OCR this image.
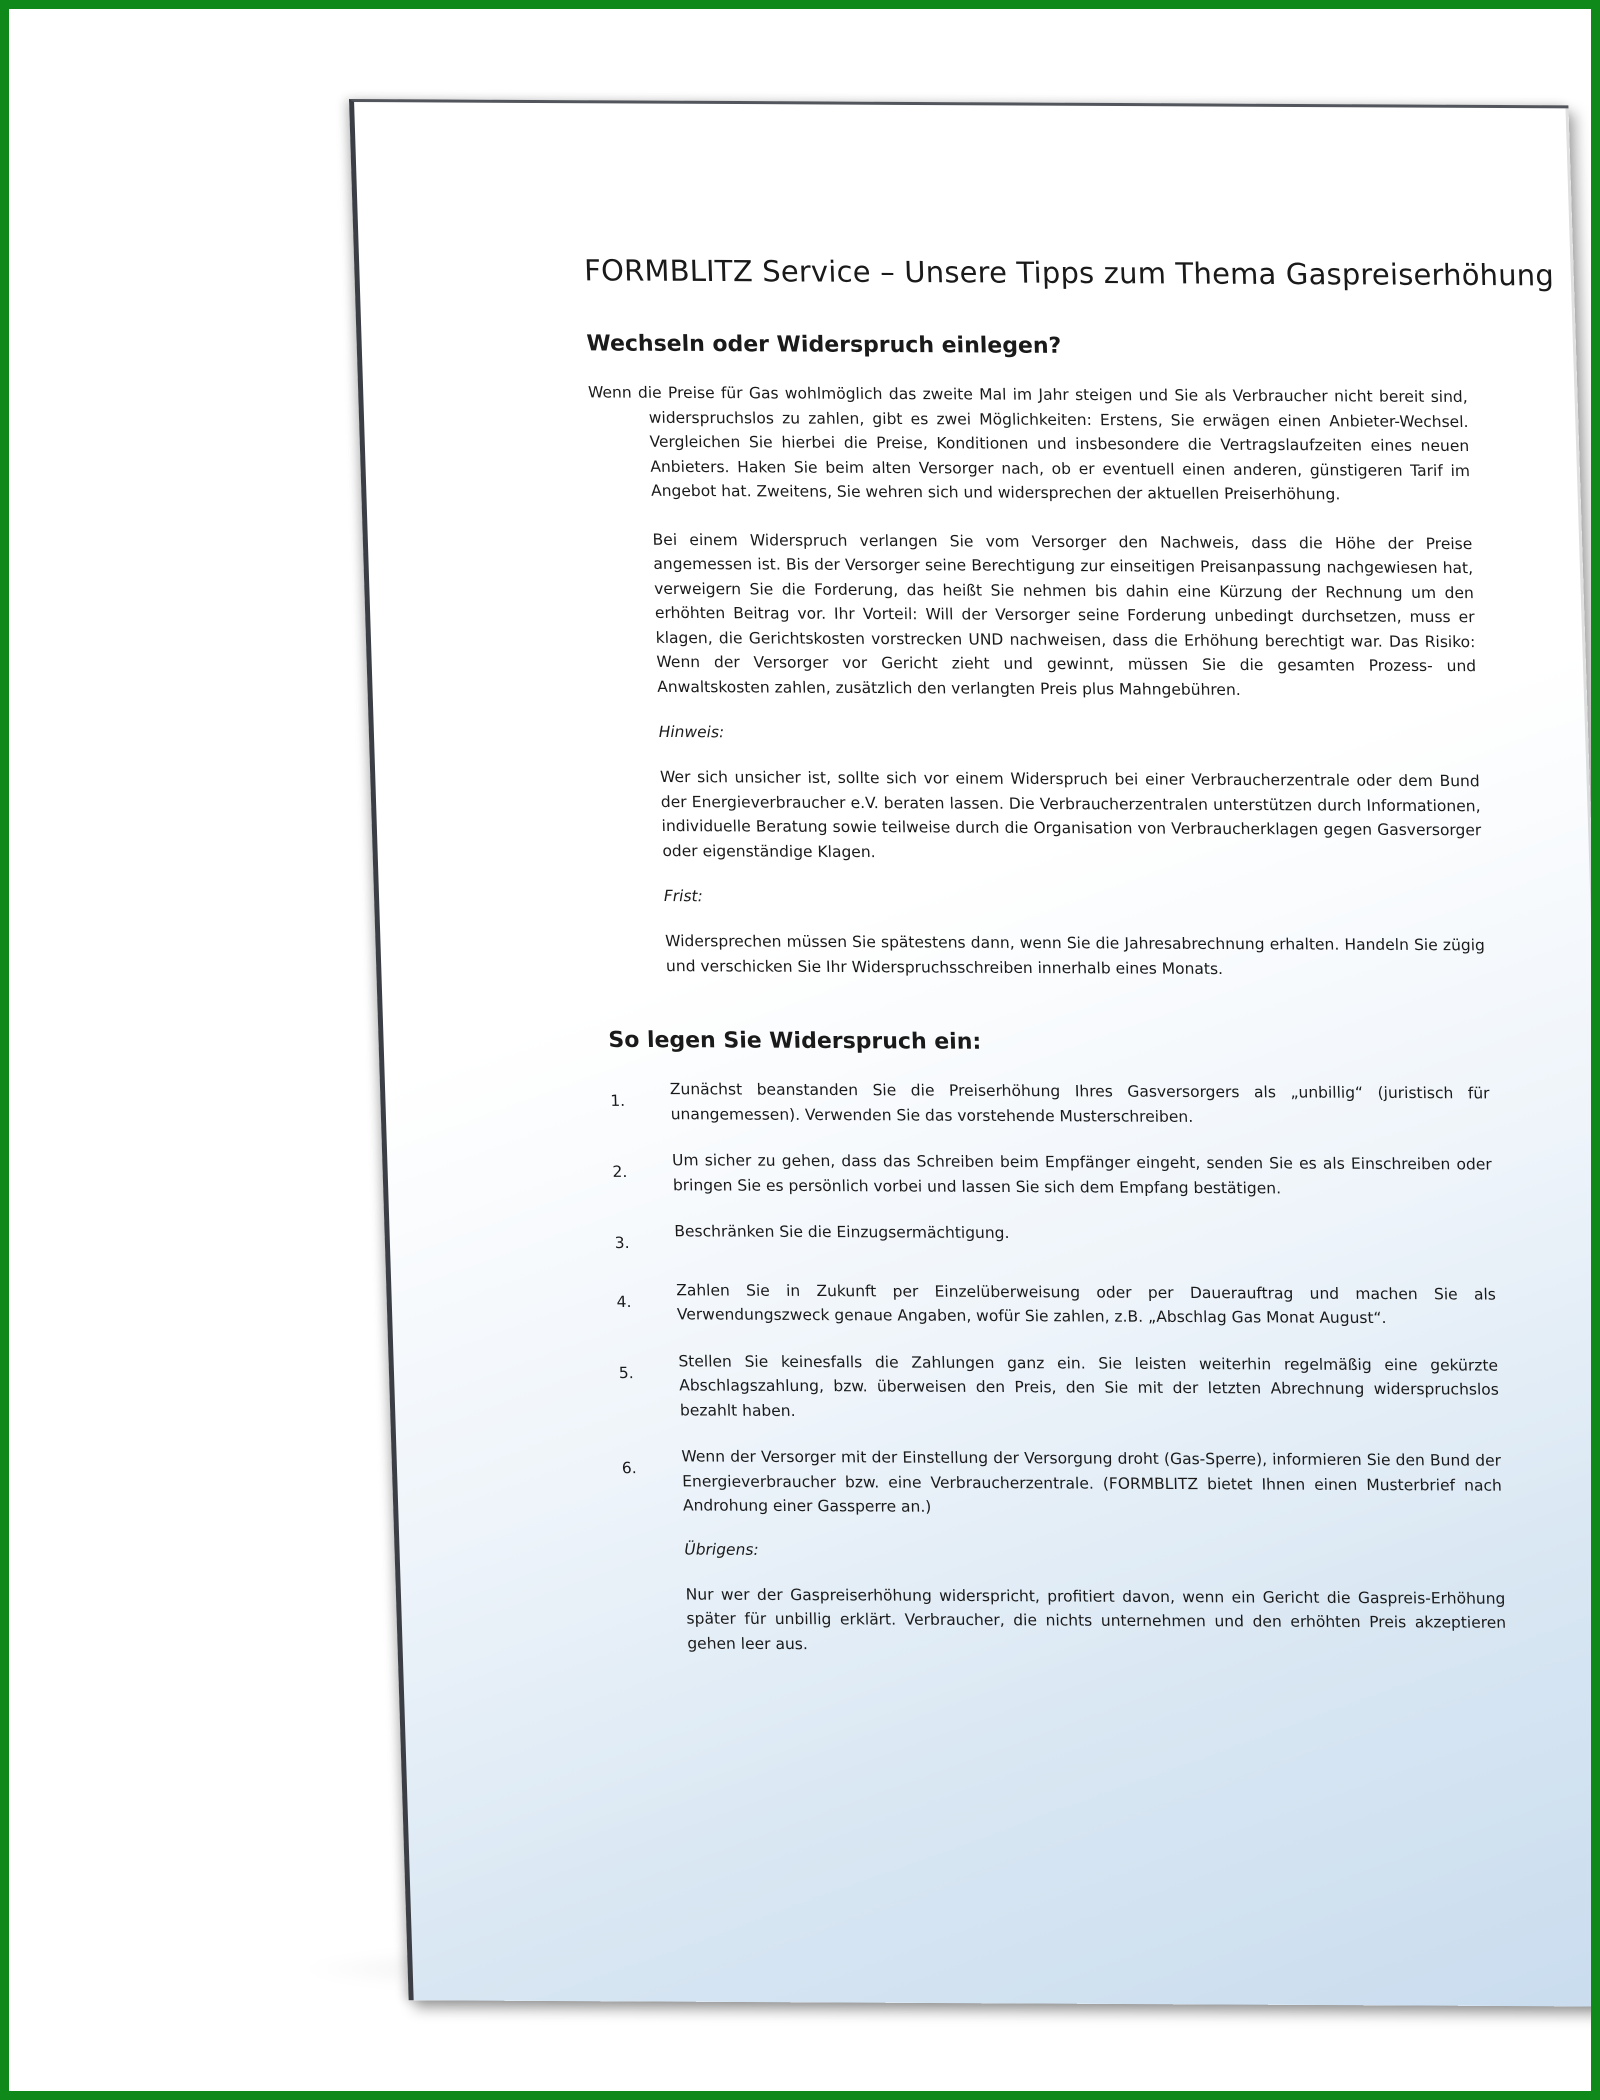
FORMBLITZ Service – Unsere Tipps zum Thema Gaspreiserhöhung
Wechseln oder Widerspruch einlegen?

Wenn die Preise für Gas wohlmöglich das zweite Mal im Jahr steigen und Sie als Verbraucher nicht bereit sind, widerspruchslos zu zahlen, gibt es zwei Möglichkeiten: Erstens, Sie erwägen einen Anbieter-Wechsel. Vergleichen Sie hierbei die Preise, Konditionen und insbesondere die Vertragslaufzeiten eines neuen Anbieters. Haken Sie beim alten Versorger nach, ob er eventuell einen anderen, günstigeren Tarif im Angebot hat. Zweitens, Sie wehren sich und widersprechen der aktuellen Preiserhöhung.

Bei einem Widerspruch verlangen Sie vom Versorger den Nachweis, dass die Höhe der Preise angemessen ist. Bis der Versorger seine Berechtigung zur einseitigen Preisanpassung nachgewiesen hat, verweigern Sie die Forderung, das heißt Sie nehmen bis dahin eine Kürzung der Rechnung um den erhöhten Beitrag vor. Ihr Vorteil: Will der Versorger seine Forderung unbedingt durchsetzen, muss er klagen, die Gerichtskosten vorstrecken UND nachweisen, dass die Erhöhung berechtigt war. Das Risiko: Wenn der Versorger vor Gericht zieht und gewinnt, müssen Sie die gesamten Prozess- und Anwaltskosten zahlen, zusätzlich den verlangten Preis plus Mahngebühren.

Hinweis:

Wer sich unsicher ist, sollte sich vor einem Widerspruch bei einer Verbraucherzentrale oder dem Bund der Energieverbraucher e.V. beraten lassen. Die Verbraucherzentralen unterstützen durch Informationen, individuelle Beratung sowie teilweise durch die Organisation von Verbraucherklagen gegen Gasversorger oder eigenständige Klagen.

Frist:

Widersprechen müssen Sie spätestens dann, wenn Sie die Jahresabrechnung erhalten. Handeln Sie zügig und verschicken Sie Ihr Widerspruchsschreiben innerhalb eines Monats.

So legen Sie Widerspruch ein:
1.	Zunächst beanstanden Sie die Preiserhöhung Ihres Gasversorgers als „unbillig“ (juristisch für unangemessen). Verwenden Sie das vorstehende Musterschreiben.
2.	Um sicher zu gehen, dass das Schreiben beim Empfänger eingeht, senden Sie es als Einschreiben oder bringen Sie es persönlich vorbei und lassen Sie sich dem Empfang bestätigen.
3.
Beschränken Sie die Einzugsermächtigung.
4.	Zahlen Sie in Zukunft per Einzelüberweisung oder per Dauerauftrag und machen Sie als Verwendungszweck genaue Angaben, wofür Sie zahlen, z.B. „Abschlag Gas Monat August“.
5.	Stellen Sie keinesfalls die Zahlungen ganz ein. Sie leisten weiterhin regelmäßig eine gekürzte Abschlagszahlung, bzw. überweisen den Preis, den Sie mit der letzten Abrechnung widerspruchslos bezahlt haben.
6.	Wenn der Versorger mit der Einstellung der Versorgung droht (Gas-Sperre), informieren Sie den Bund der Energieverbraucher bzw. eine Verbraucherzentrale. (FORMBLITZ bietet Ihnen einen Musterbrief nach Androhung einer Gassperre an.)

Übrigens:

Nur wer der Gaspreiserhöhung widerspricht, profitiert davon, wenn ein Gericht die Gaspreis-Erhöhung später für unbillig erklärt. Verbraucher, die nichts unternehmen und den erhöhten Preis akzeptieren gehen leer aus.
